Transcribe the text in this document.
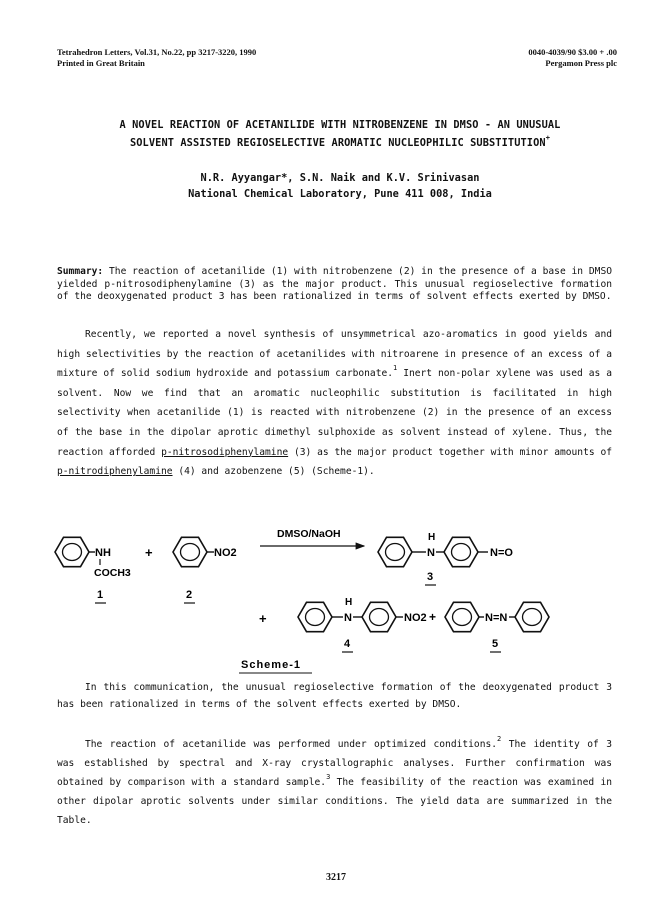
Tetrahedron Letters, Vol.31, No.22, pp 3217-3220, 1990
Printed in Great Britain
0040-4039/90 $3.00 + .00
Pergamon Press plc
A NOVEL REACTION OF ACETANILIDE WITH NITROBENZENE IN DMSO - AN UNUSUAL
SOLVENT ASSISTED REGIOSELECTIVE AROMATIC NUCLEOPHILIC SUBSTITUTION+
N.R. Ayyangar*, S.N. Naik and K.V. Srinivasan
National Chemical Laboratory, Pune 411 008, India
Summary: The reaction of acetanilide (1) with nitrobenzene (2) in the presence of a base in DMSO yielded p-nitrosodiphenylamine (3) as the major product. This unusual regioselective formation of the deoxygenated product 3 has been rationalized in terms of solvent effects exerted by DMSO.
Recently, we reported a novel synthesis of unsymmetrical azo-aromatics in good yields and high selectivities by the reaction of acetanilides with nitroarene in presence of an excess of a mixture of solid sodium hydroxide and potassium carbonate.$^1$ Inert non-polar xylene was used as a solvent. Now we find that an aromatic nucleophilic substitution is facilitated in high selectivity when acetanilide (1) is reacted with nitrobenzene (2) in the presence of an excess of the base in the dipolar aprotic dimethyl sulphoxide as solvent instead of xylene. Thus, the reaction afforded p-nitrosodiphenylamine (3) as the major product together with minor amounts of p-nitrodiphenylamine (4) and azobenzene (5) (Scheme-1).
NH
COCH3
1
+	NO2
2
DMSO/NaOH	H
N	N=O
3
+
H
N	NO2 +
4
N=N
5
Scheme-1
In this communication, the unusual regioselective formation of the deoxygenated product 3 has been rationalized in terms of the solvent effects exerted by DMSO.
The reaction of acetanilide was performed under optimized conditions.$^2$ The identity of 3 was established by spectral and X-ray crystallographic analyses. Further confirmation was obtained by comparison with a standard sample.$^3$ The feasibility of the reaction was examined in other dipolar aprotic solvents under similar conditions. The yield data are summarized in the Table.
3217
